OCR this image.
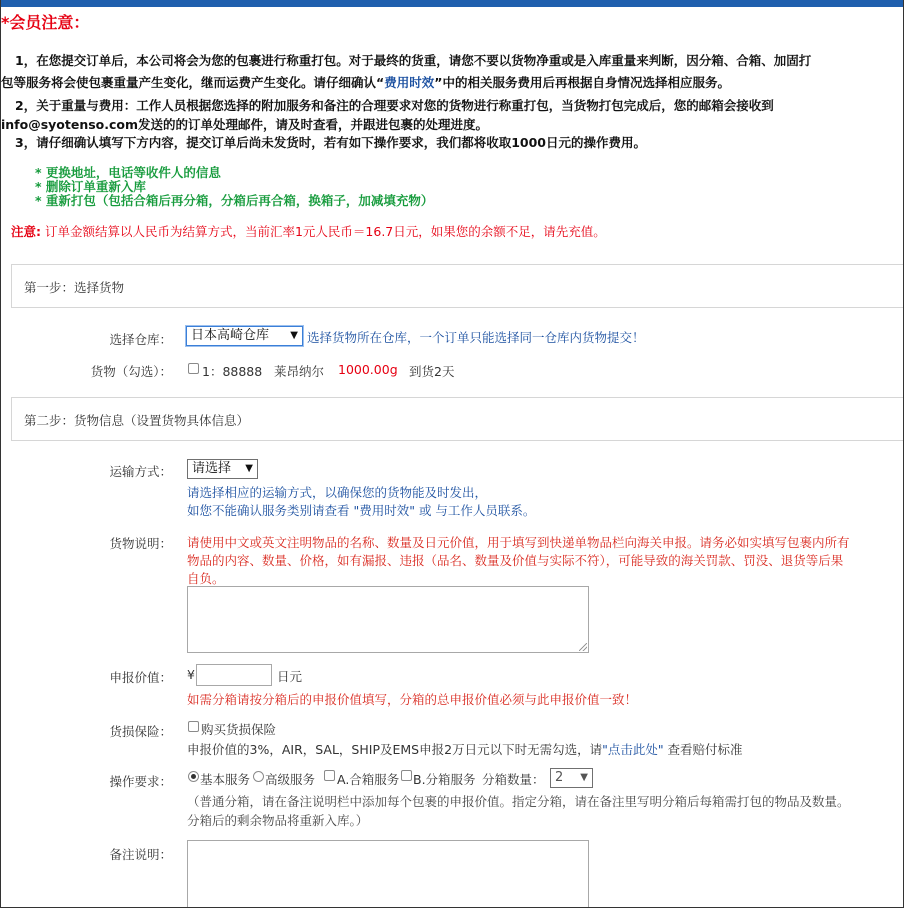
*会员注意：
1，在您提交订单后，本公司将会为您的包裹进行称重打包。对于最终的货重，请您不要以货物净重或是入库重量来判断，因分箱、合箱、加固打
包等服务将会使包裹重量产生变化，继而运费产生变化。请仔细确认“费用时效”中的相关服务费用后再根据自身情况选择相应服务。
2，关于重量与费用：工作人员根据您选择的附加服务和备注的合理要求对您的货物进行称重打包，当货物打包完成后，您的邮箱会接收到
info@syotenso.com发送的的订单处理邮件，请及时查看，并跟进包裹的处理进度。
3，请仔细确认填写下方内容，提交订单后尚未发货时，若有如下操作要求，我们都将收取1000日元的操作费用。
* 更换地址，电话等收件人的信息
* 删除订单重新入库
* 重新打包（包括合箱后再分箱，分箱后再合箱，换箱子，加减填充物）
注意: 订单金额结算以人民币为结算方式，当前汇率1元人民币＝16.7日元，如果您的余额不足，请先充值。
第一步：选择货物
选择仓库：	日本高崎仓库 ▼ 选择货物所在仓库，一个订单只能选择同一仓库内货物提交！
货物（勾选）： 1：88888 莱昂纳尔 1000.00g 到货2天
第二步：货物信息（设置货物具体信息）
运输方式：	请选择 ▼
请选择相应的运输方式，以确保您的货物能及时发出，
如您不能确认服务类别请查看 "费用时效" 或 与工作人员联系。
货物说明： 请使用中文或英文注明物品的名称、数量及日元价值，用于填写到快递单物品栏向海关申报。请务必如实填写包裹内所有
物品的内容、数量、价格，如有漏报、违报（品名、数量及价值与实际不符），可能导致的海关罚款、罚没、退货等后果
自负。
申报价值： ¥	日元
如需分箱请按分箱后的申报价值填写，分箱的总申报价值必须与此申报价值一致！
货损保险： 购买货损保险
申报价值的3%，AIR，SAL，SHIP及EMS申报2万日元以下时无需勾选，请"点击此处" 查看赔付标准
操作要求： 基本服务 高级服务 A.合箱服务 B.分箱服务 分箱数量： 2 ▼
（普通分箱，请在备注说明栏中添加每个包裹的申报价值。指定分箱，请在备注里写明分箱后每箱需打包的物品及数量。
分箱后的剩余物品将重新入库。）
备注说明：
